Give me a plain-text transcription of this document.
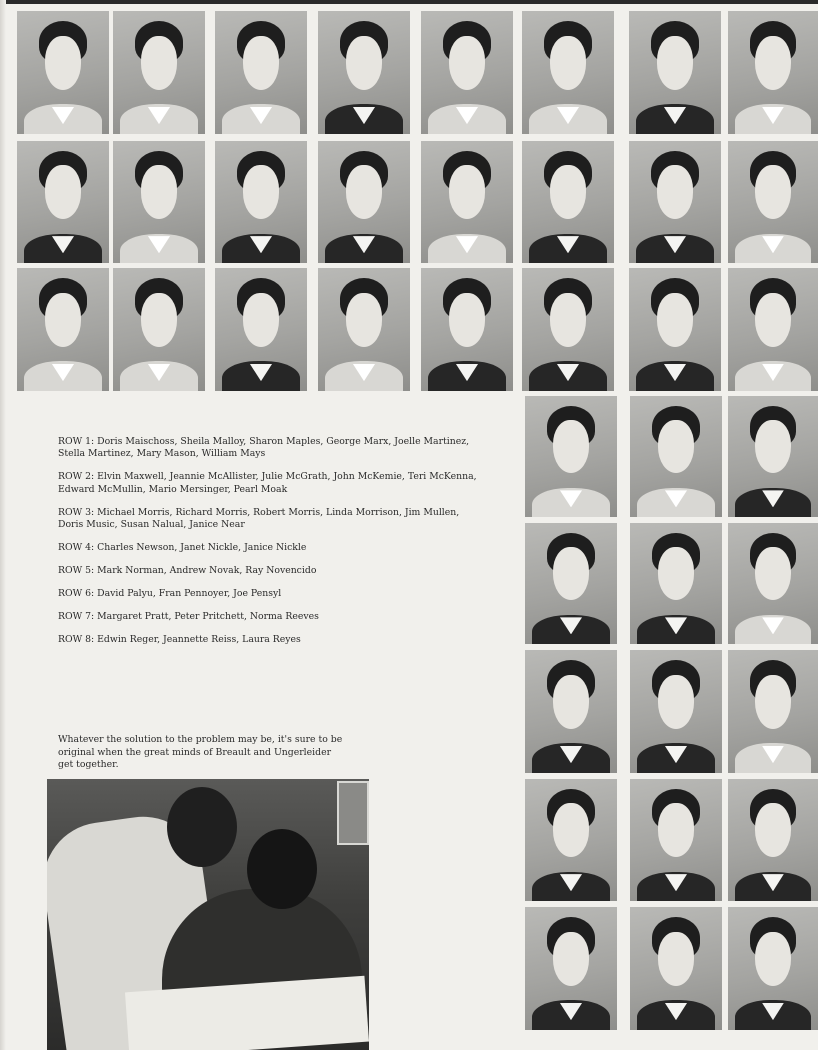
ROW 1: Doris Maischoss, Sheila Malloy, Sharon Maples, George Marx, Joelle Martinez, Stella Martinez, Mary Mason, William Mays

ROW 2: Elvin Maxwell, Jeannie McAllister, Julie McGrath, John McKemie, Teri McKenna, Edward McMullin, Mario Mersinger, Pearl Moak

ROW 3: Michael Morris, Richard Morris, Robert Morris, Linda Morrison, Jim Mullen, Doris Music, Susan Nalual, Janice Near

ROW 4: Charles Newson, Janet Nickle, Janice Nickle

ROW 5: Mark Norman, Andrew Novak, Ray Novencido

ROW 6: David Palyu, Fran Pennoyer, Joe Pensyl

ROW 7: Margaret Pratt, Peter Pritchett, Norma Reeves

ROW 8: Edwin Reger, Jeannette Reiss, Laura Reyes

Whatever the solution to the problem may be, it's sure to be original when the great minds of Breault and Ungerleider get together.
